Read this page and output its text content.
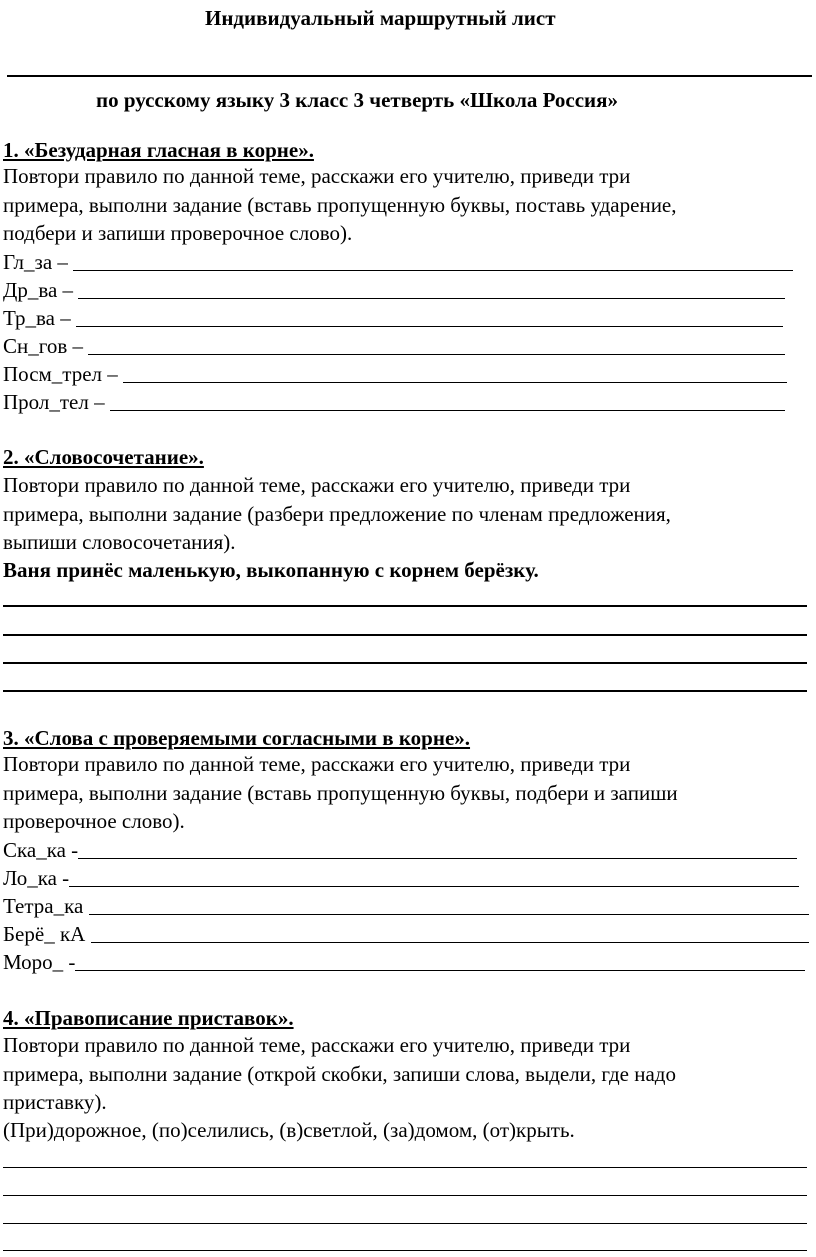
Индивидуальный маршрутный лист
по русскому языку 3 класс 3 четверть «Школа Россия»
1. «Безударная гласная в корне».
Повтори правило по данной теме, расскажи его учителю, приведи три
примера, выполни задание (вставь пропущенную буквы, поставь ударение,
подбери и запиши проверочное слово).
Гл_за –
Др_ва –
Тр_ва –
Сн_гов –
Посм_трел –
Прол_тел –
2. «Словосочетание».
Повтори правило по данной теме, расскажи его учителю, приведи три
примера, выполни задание (разбери предложение по членам предложения,
выпиши словосочетания).
Ваня принёс маленькую, выкопанную с корнем берёзку.
3. «Слова с проверяемыми согласными в корне».
Повтори правило по данной теме, расскажи его учителю, приведи три
примера, выполни задание (вставь пропущенную буквы, подбери и запиши
проверочное слово).
Ска_ка -
Ло_ка -
Тетра_ка
Берё_ кА
Моро_ -
4. «Правописание приставок».
Повтори правило по данной теме, расскажи его учителю, приведи три
примера, выполни задание (открой скобки, запиши слова, выдели, где надо
приставку).
(При)дорожное, (по)селились, (в)светлой, (за)домом, (от)крыть.
